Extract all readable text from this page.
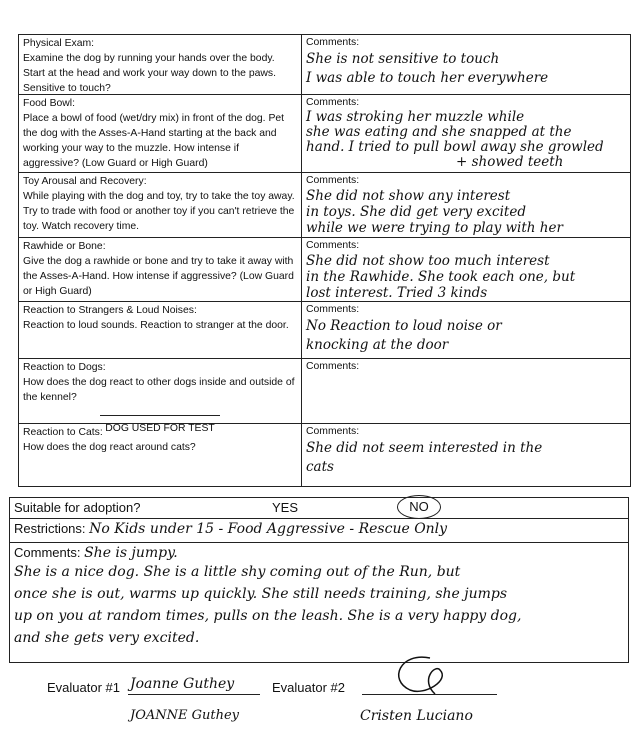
Physical Exam:
Examine the dog by running your hands over the body. Start at the head and work your way down to the paws. Sensitive to touch?
Comments:
She is not sensitive to touch
I was able to touch her everywhere
Food Bowl:
Place a bowl of food (wet/dry mix) in front of the dog. Pet the dog with the Asses-A-Hand starting at the back and working your way to the muzzle. How intense if aggressive? (Low Guard or High Guard)
Comments:
I was stroking her muzzle while
she was eating and she snapped at the
hand. I tried to pull bowl away she growled
+ showed teeth
Toy Arousal and Recovery:
While playing with the dog and toy, try to take the toy away. Try to trade with food or another toy if you can't retrieve the toy. Watch recovery time.
Comments:
She did not show any interest
in toys. She did get very excited
while we were trying to play with her
Rawhide or Bone:
Give the dog a rawhide or bone and try to take it away with the Asses-A-Hand. How intense if aggressive? (Low Guard or High Guard)
Comments:
She did not show too much interest
in the Rawhide. She took each one, but
lost interest. Tried 3 kinds
Reaction to Strangers & Loud Noises:
Reaction to loud sounds. Reaction to stranger at the door.
Comments:
No Reaction to loud noise or
knocking at the door
Reaction to Dogs:
How does the dog react to other dogs inside and outside of the kennel?
DOG USED FOR TEST
Comments:
Reaction to Cats:
How does the dog react around cats?
Comments:
She did not seem interested in the
cats
Suitable for adoption?	YES	NO
Restrictions: No Kids under 15 - Food Aggressive - Rescue Only
Comments: She is jumpy.
She is a nice dog. She is a little shy coming out of the Run, but
once she is out, warms up quickly. She still needs training, she jumps
up on you at random times, pulls on the leash. She is a very happy dog,
and she gets very excited.
Evaluator #1 Joanne Guthey
JOANNE Guthey
Evaluator #2
Cristen Luciano
